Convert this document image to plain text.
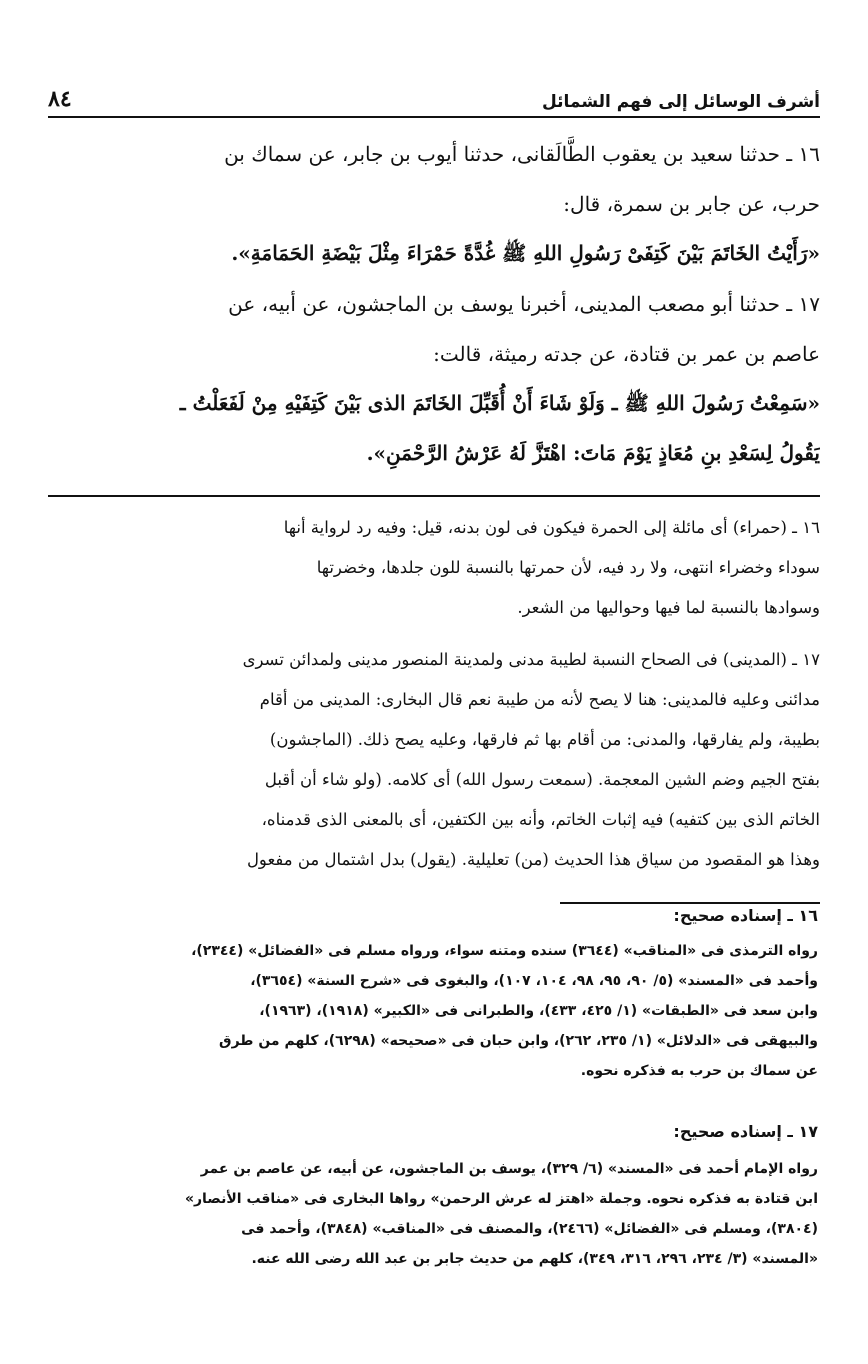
٨٤	أشرف الوسائل إلى فهم الشمائل
١٦ ـ حدثنا سعيد بن يعقوب الطَّالَقانى، حدثنا أيوب بن جابر، عن سماك بن
حرب، عن جابر بن سمرة، قال:
«رَأَيْتُ الخَاتَمَ بَيْنَ كَتِفَىْ رَسُولِ اللهِ ﷺ غُدَّةً حَمْرَاءَ مِثْلَ بَيْضَةِ الحَمَامَةِ».
١٧ ـ حدثنا أبو مصعب المدينى، أخبرنا يوسف بن الماجشون، عن أبيه، عن
عاصم بن عمر بن قتادة، عن جدته رميثة، قالت:
«سَمِعْتُ رَسُولَ اللهِ ﷺ ـ وَلَوْ شَاءَ أَنْ أُقَبِّلَ الخَاتَمَ الذى بَيْنَ كَتِفَيْهِ مِنْ لَفَعَلْتُ ـ
يَقُولُ لِسَعْدِ بنِ مُعَاذٍ يَوْمَ مَاتَ: اهْتَزَّ لَهُ عَرْشُ الرَّحْمَنِ».
١٦ ـ (حمراء) أى مائلة إلى الحمرة فيكون فى لون بدنه، قيل: وفيه رد لرواية أنها
سوداء وخضراء انتهى، ولا رد فيه، لأن حمرتها بالنسبة للون جلدها، وخضرتها
وسوادها بالنسبة لما فيها وحواليها من الشعر.
١٧ ـ (المدينى) فى الصحاح النسبة لطيبة مدنى ولمدينة المنصور مدينى ولمدائن تسرى
مدائنى وعليه فالمدينى: هنا لا يصح لأنه من طيبة نعم قال البخارى: المدينى من أقام
بطيبة، ولم يفارقها، والمدنى: من أقام بها ثم فارقها، وعليه يصح ذلك. (الماجشون)
بفتح الجيم وضم الشين المعجمة. (سمعت رسول الله) أى كلامه. (ولو شاء أن أقبل
الخاتم الذى بين كتفيه) فيه إثبات الخاتم، وأنه بين الكتفين، أى بالمعنى الذى قدمناه،
وهذا هو المقصود من سياق هذا الحديث (من) تعليلية. (يقول) بدل اشتمال من مفعول
١٦ ـ إسناده صحيح:
رواه الترمذى فى «المناقب» (٣٦٤٤) سنده ومتنه سواء، ورواه مسلم فى «الفضائل» (٢٣٤٤)،
وأحمد فى «المسند» (٥/ ٩٠، ٩٥، ٩٨، ١٠٤، ١٠٧)، والبغوى فى «شرح السنة» (٣٦٥٤)،
وابن سعد فى «الطبقات» (١/ ٤٢٥، ٤٣٣)، والطبرانى فى «الكبير» (١٩١٨)، (١٩٦٣)،
والبيهقى فى «الدلائل» (١/ ٢٣٥، ٢٦٢)، وابن حبان فى «صحيحه» (٦٢٩٨)، كلهم من طرق
عن سماك بن حرب به فذكره نحوه.
١٧ ـ إسناده صحيح:
رواه الإمام أحمد فى «المسند» (٦/ ٣٢٩)، يوسف بن الماجشون، عن أبيه، عن عاصم بن عمر
ابن قتادة به فذكره نحوه. وجملة «اهتز له عرش الرحمن» رواها البخارى فى «مناقب الأنصار»
(٣٨٠٤)، ومسلم فى «الفضائل» (٢٤٦٦)، والمصنف فى «المناقب» (٣٨٤٨)، وأحمد فى
«المسند» (٣/ ٢٣٤، ٢٩٦، ٣١٦، ٣٤٩)، كلهم من حديث جابر بن عبد الله رضى الله عنه.
